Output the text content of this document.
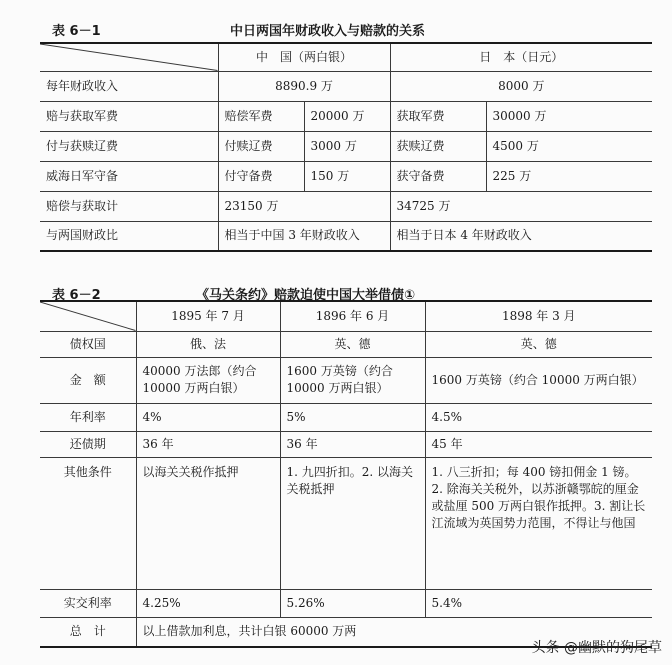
表 6－1	中日两国年财政收入与赔款的关系
	中　国（两白银）		日　本（日元）	
每年财政收入	8890.9 万		8000 万	
赔与获取军费	赔偿军费	20000 万	获取军费	30000 万
付与获赎辽费	付赎辽费	3000 万	获赎辽费	4500 万
威海日军守备	付守备费	150 万	获守备费	225 万
赔偿与获取计	23150 万		34725 万	
与两国财政比	相当于中国 3 年财政收入		相当于日本 4 年财政收入	
表 6－2	《马关条约》赔款迫使中国大举借债①
	1895 年 7 月	1896 年 6 月	1898 年 3 月
债权国	俄、法	英、德	英、德
金　额	40000 万法郎（约合 10000 万两白银）	1600 万英镑（约合 10000 万两白银）	1600 万英镑（约合 10000 万两白银）
年利率	4%	5%	4.5%
还债期	36 年	36 年	45 年
其他条件	以海关关税作抵押	1. 九四折扣。2. 以海关关税抵押	1. 八三折扣；每 400 镑扣佣金 1 镑。2. 除海关关税外，以苏浙赣鄂皖的厘金或盐厘 500 万两白银作抵押。3. 割让长江流域为英国势力范围，不得让与他国
实交利率	4.25%	5.26%	5.4%
总　计	以上借款加利息，共计白银 60000 万两		
头条 @幽默的狗尾草
